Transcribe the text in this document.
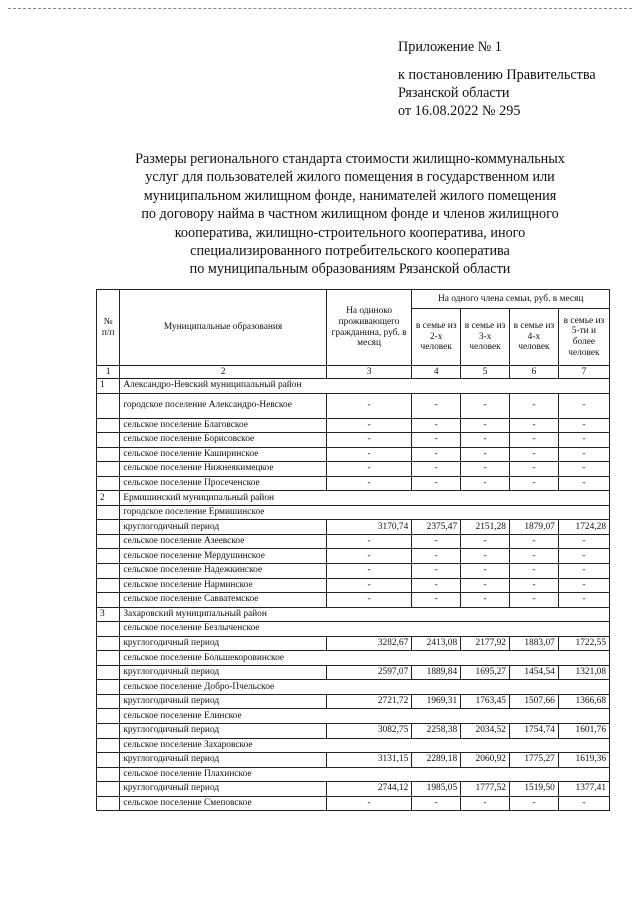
Приложение № 1
к постановлению Правительства
Рязанской области
от 16.08.2022 № 295
Размеры регионального стандарта стоимости жилищно-коммунальных
услуг для пользователей жилого помещения в государственном или
муниципальном жилищном фонде, нанимателей жилого помещения
по договору найма в частном жилищном фонде и членов жилищного
кооператива, жилищно-строительного кооператива, иного
специализированного потребительского кооператива
по муниципальным образованиям Рязанской области
№ п/п	Муниципальные образования	На одиноко проживающего гражданина, руб. в месяц	На одного члена семьи, руб. в месяц			
			в семье из 2-х человек	в семье из 3-х человек	в семье из 4-х человек	в семье из 5-ти и более человек
1	2	3	4	5	6	7
1	Александро-Невский муниципальный район					
	городское поселение Александро-Невское	-	-	-	-	-
	сельское поселение Благовское	-	-	-	-	-
	сельское поселение Борисовское	-	-	-	-	-
	сельское поселение Каширинское	-	-	-	-	-
	сельское поселение Нижнеякимецкое	-	-	-	-	-
	сельское поселение Просеченское	-	-	-	-	-
2	Ермишинский муниципальный район					
	городское поселение Ермишинское					
	круглогодичный период	3170,74	2375,47	2151,28	1879,07	1724,28
	сельское поселение Азеевское	-	-	-	-	-
	сельское поселение Мердушинское	-	-	-	-	-
	сельское поселение Надежкинское	-	-	-	-	-
	сельское поселение Нарминское	-	-	-	-	-
	сельское поселение Савватемское	-	-	-	-	-
3	Захаровский муниципальный район					
	сельское поселение Безлыченское					
	круглогодичный период	3282,67	2413,08	2177,92	1883,07	1722,55
	сельское поселение Большекоровинское					
	круглогодичный период	2597,07	1889,84	1695,27	1454,54	1321,08
	сельское поселение Добро-Пчельское					
	круглогодичный период	2721,72	1969,31	1763,45	1507,66	1366,68
	сельское поселение Елинское					
	круглогодичный период	3082,75	2258,38	2034,52	1754,74	1601,76
	сельское поселение Захаровское					
	круглогодичный период	3131,15	2289,18	2060,92	1775,27	1619,36
	сельское поселение Плахинское					
	круглогодичный период	2744,12	1985,05	1777,52	1519,50	1377,41
	сельское поселение Смеповское	-	-	-	-	-
